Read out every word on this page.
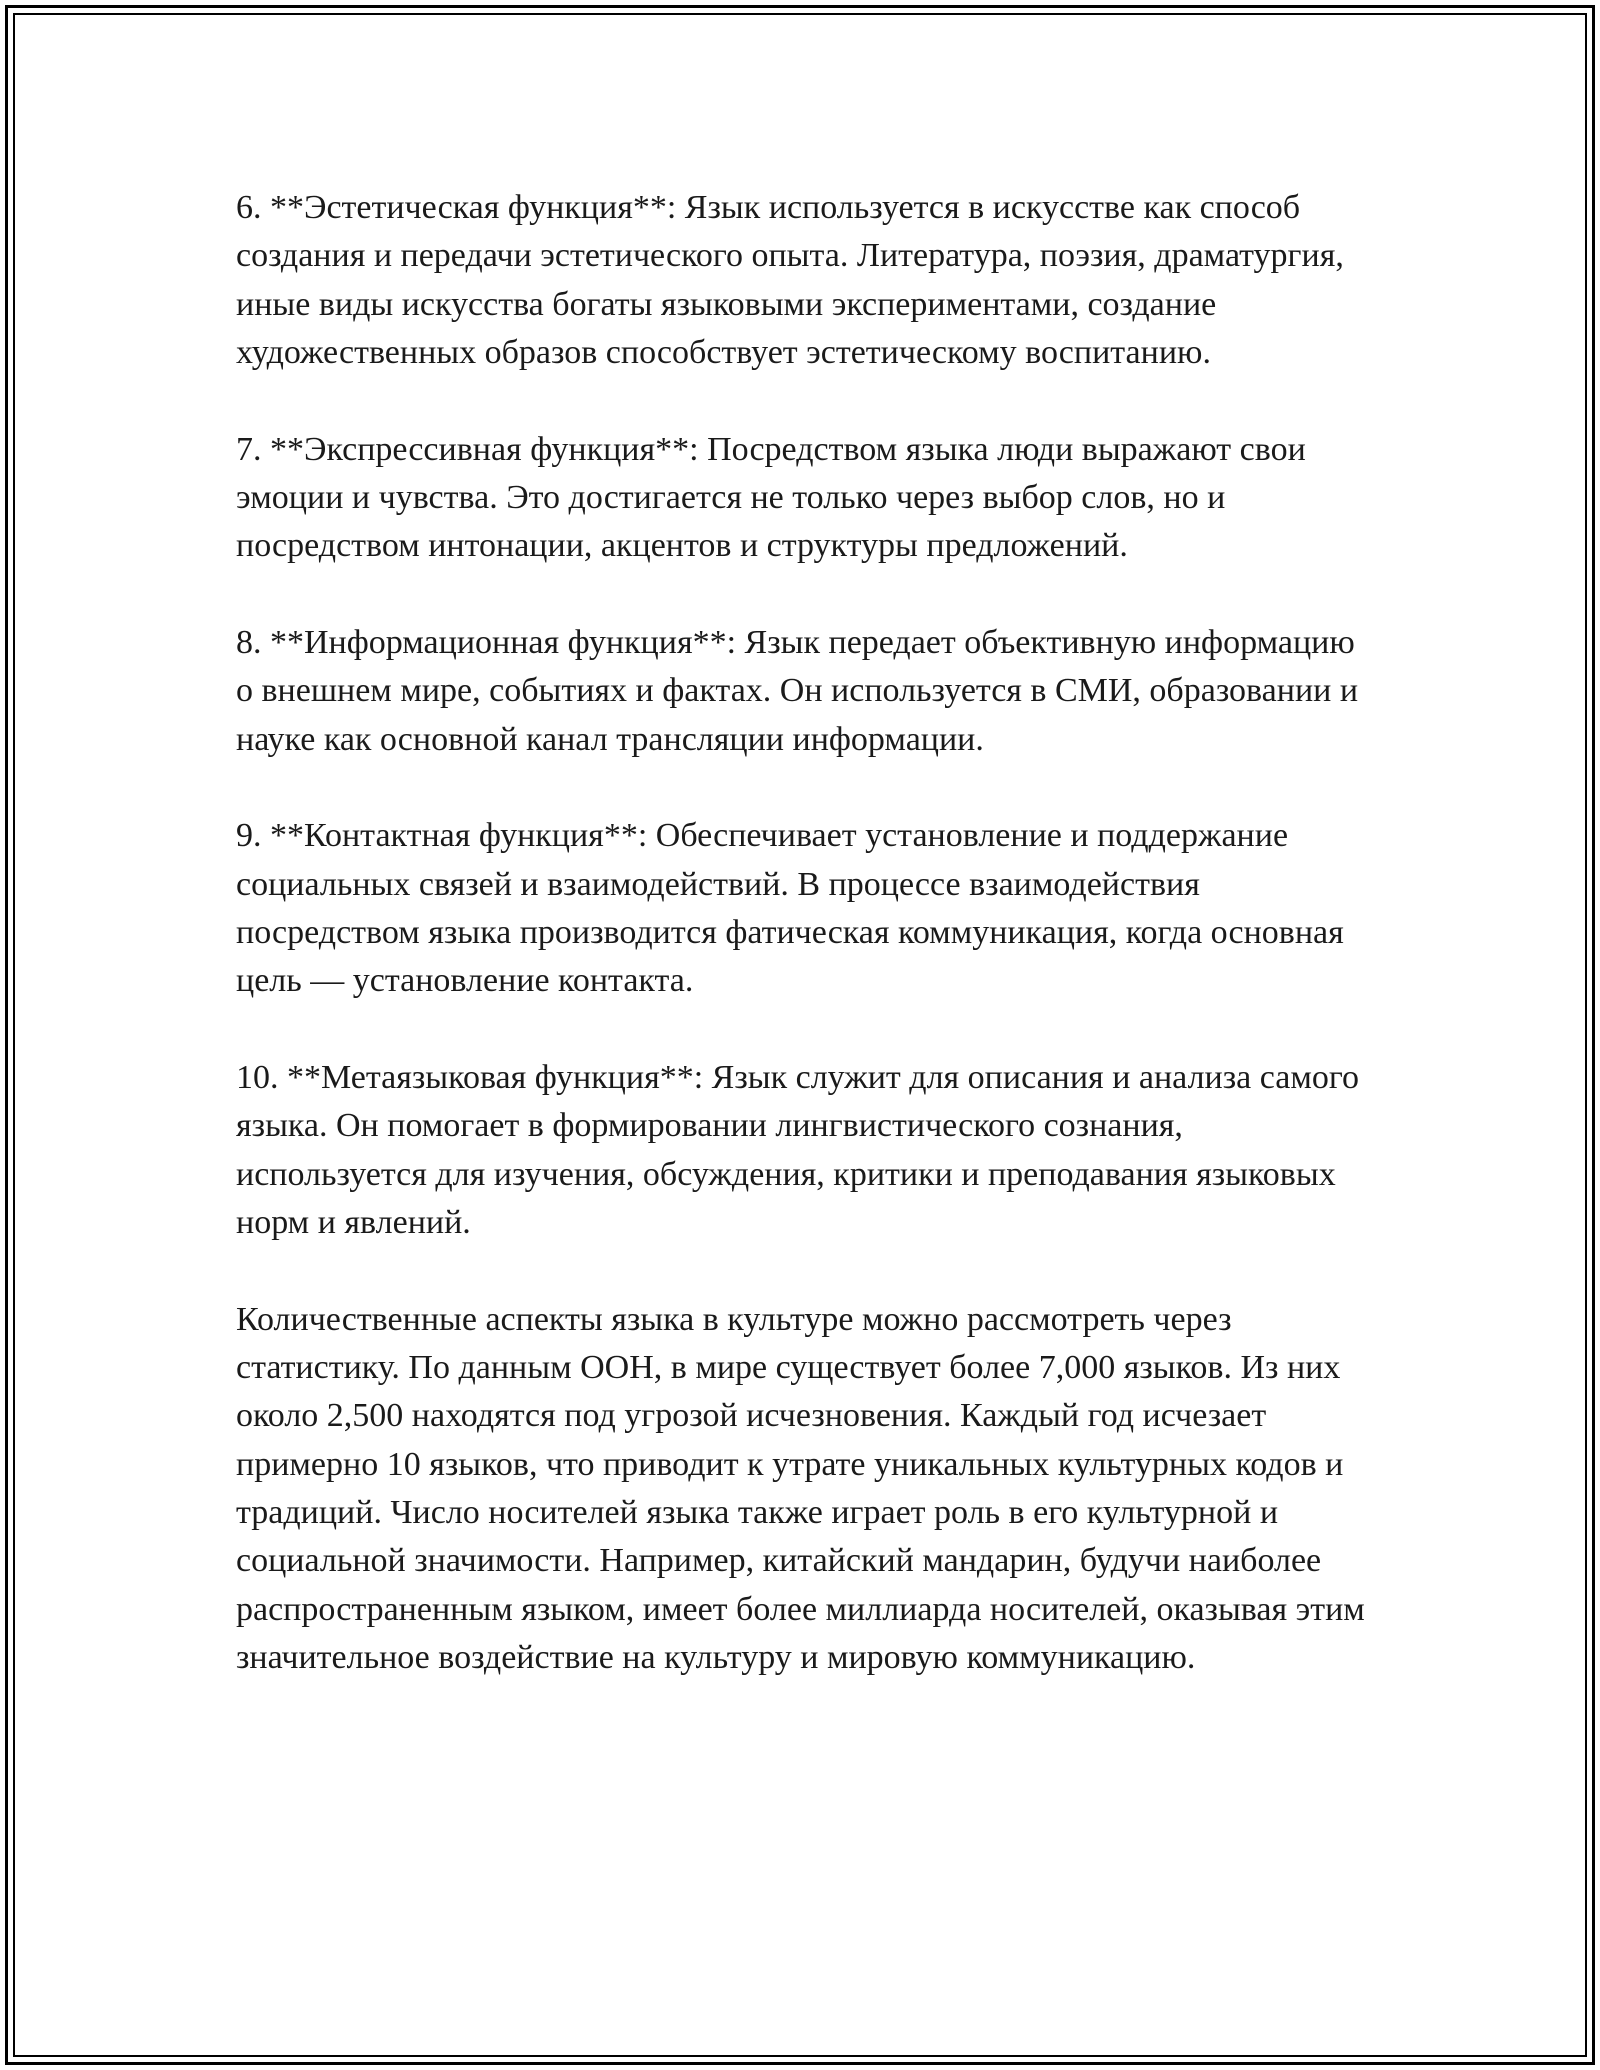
6. **Эстетическая функция**: Язык используется в искусстве как способ создания и передачи эстетического опыта. Литература, поэзия, драматургия, иные виды искусства богаты языковыми экспериментами, создание художественных образов способствует эстетическому воспитанию.

7. **Экспрессивная функция**: Посредством языка люди выражают свои эмоции и чувства. Это достигается не только через выбор слов, но и посредством интонации, акцентов и структуры предложений.

8. **Информационная функция**: Язык передает объективную информацию о внешнем мире, событиях и фактах. Он используется в СМИ, образовании и науке как основной канал трансляции информации.

9. **Контактная функция**: Обеспечивает установление и поддержание социальных связей и взаимодействий. В процессе взаимодействия посредством языка производится фатическая коммуникация, когда основная цель — установление контакта.

10. **Метаязыковая функция**: Язык служит для описания и анализа самого языка. Он помогает в формировании лингвистического сознания, используется для изучения, обсуждения, критики и преподавания языковых норм и явлений.

Количественные аспекты языка в культуре можно рассмотреть через статистику. По данным ООН, в мире существует более 7,000 языков. Из них около 2,500 находятся под угрозой исчезновения. Каждый год исчезает примерно 10 языков, что приводит к утрате уникальных культурных кодов и традиций. Число носителей языка также играет роль в его культурной и социальной значимости. Например, китайский мандарин, будучи наиболее распространенным языком, имеет более миллиарда носителей, оказывая этим значительное воздействие на культуру и мировую коммуникацию.
